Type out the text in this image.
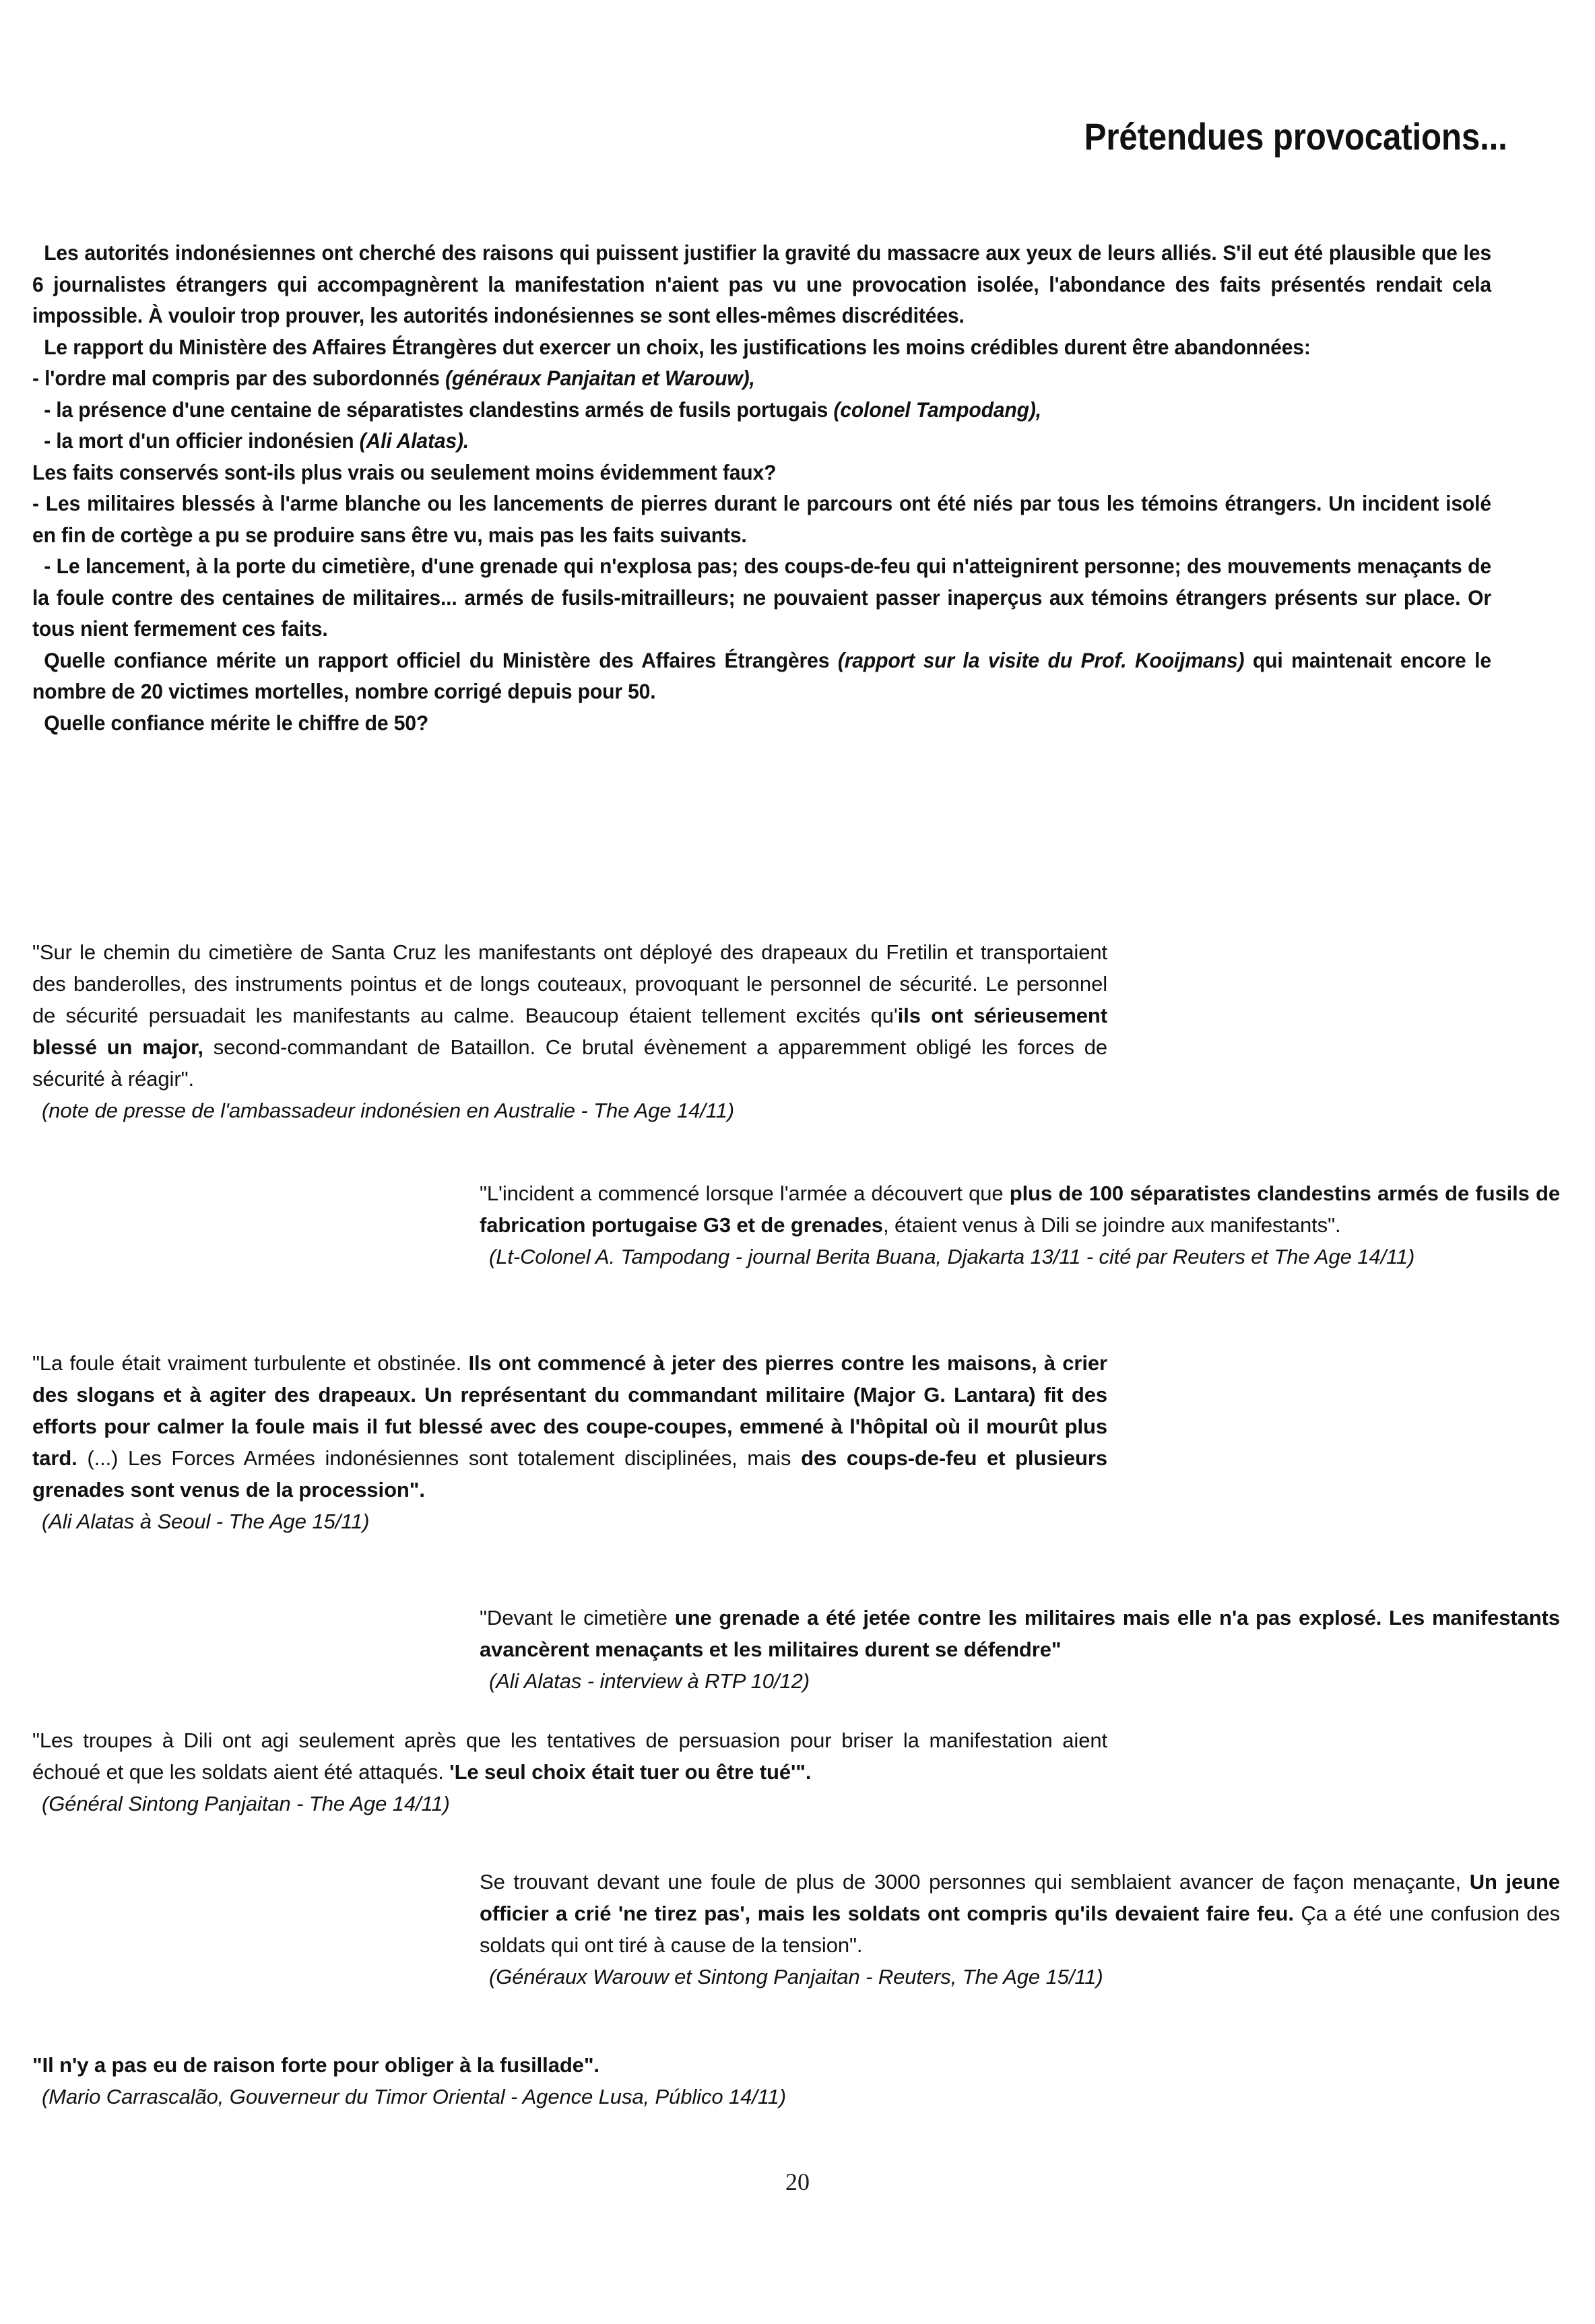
Prétendues provocations...

Les autorités indonésiennes ont cherché des raisons qui puissent justifier la gravité du massacre aux yeux de leurs alliés. S'il eut été plausible que les 6 journalistes étrangers qui accompagnèrent la manifestation n'aient pas vu une provocation isolée, l'abondance des faits présentés rendait cela impossible. À vouloir trop prouver, les autorités indonésiennes se sont elles-mêmes discréditées.

Le rapport du Ministère des Affaires Étrangères dut exercer un choix, les justifications les moins crédibles durent être abandonnées:

- l'ordre mal compris par des subordonnés (généraux Panjaitan et Warouw),

- la présence d'une centaine de séparatistes clandestins armés de fusils portugais (colonel Tampodang),

- la mort d'un officier indonésien (Ali Alatas).

Les faits conservés sont-ils plus vrais ou seulement moins évidemment faux?

- Les militaires blessés à l'arme blanche ou les lancements de pierres durant le parcours ont été niés par tous les témoins étrangers. Un incident isolé en fin de cortège a pu se produire sans être vu, mais pas les faits suivants.

- Le lancement, à la porte du cimetière, d'une grenade qui n'explosa pas; des coups-de-feu qui n'atteignirent personne; des mouvements menaçants de la foule contre des centaines de militaires... armés de fusils-mitrailleurs; ne pouvaient passer inaperçus aux témoins étrangers présents sur place. Or tous nient fermement ces faits.

Quelle confiance mérite un rapport officiel du Ministère des Affaires Étrangères (rapport sur la visite du Prof. Kooijmans) qui maintenait encore le nombre de 20 victimes mortelles, nombre corrigé depuis pour 50.

Quelle confiance mérite le chiffre de 50?

"Sur le chemin du cimetière de Santa Cruz les manifestants ont déployé des drapeaux du Fretilin et transportaient des banderolles, des instruments pointus et de longs couteaux, provoquant le personnel de sécurité. Le personnel de sécurité persuadait les manifestants au calme. Beaucoup étaient tellement excités qu'ils ont sérieusement blessé un major, second-commandant de Bataillon. Ce brutal évènement a apparemment obligé les forces de sécurité à réagir".

(note de presse de l'ambassadeur indonésien en Australie - The Age 14/11)

"L'incident a commencé lorsque l'armée a découvert que plus de 100 séparatistes clandestins armés de fusils de fabrication portugaise G3 et de grenades, étaient venus à Dili se joindre aux manifestants".

(Lt-Colonel A. Tampodang - journal Berita Buana, Djakarta 13/11 - cité par Reuters et The Age 14/11)

"La foule était vraiment turbulente et obstinée. Ils ont commencé à jeter des pierres contre les maisons, à crier des slogans et à agiter des drapeaux. Un représentant du commandant militaire (Major G. Lantara) fit des efforts pour calmer la foule mais il fut blessé avec des coupe-coupes, emmené à l'hôpital où il mourût plus tard. (...) Les Forces Armées indonésiennes sont totalement disciplinées, mais des coups-de-feu et plusieurs grenades sont venus de la procession".

(Ali Alatas à Seoul - The Age 15/11)

"Devant le cimetière une grenade a été jetée contre les militaires mais elle n'a pas explosé. Les manifestants avancèrent menaçants et les militaires durent se défendre"

(Ali Alatas - interview à RTP 10/12)

"Les troupes à Dili ont agi seulement après que les tentatives de persuasion pour briser la manifestation aient échoué et que les soldats aient été attaqués. 'Le seul choix était tuer ou être tué'".

(Général Sintong Panjaitan - The Age 14/11)

Se trouvant devant une foule de plus de 3000 personnes qui semblaient avancer de façon menaçante, Un jeune officier a crié 'ne tirez pas', mais les soldats ont compris qu'ils devaient faire feu. Ça a été une confusion des soldats qui ont tiré à cause de la tension".

(Généraux Warouw et Sintong Panjaitan - Reuters, The Age 15/11)

"Il n'y a pas eu de raison forte pour obliger à la fusillade".

(Mario Carrascalão, Gouverneur du Timor Oriental - Agence Lusa, Público 14/11)
20
